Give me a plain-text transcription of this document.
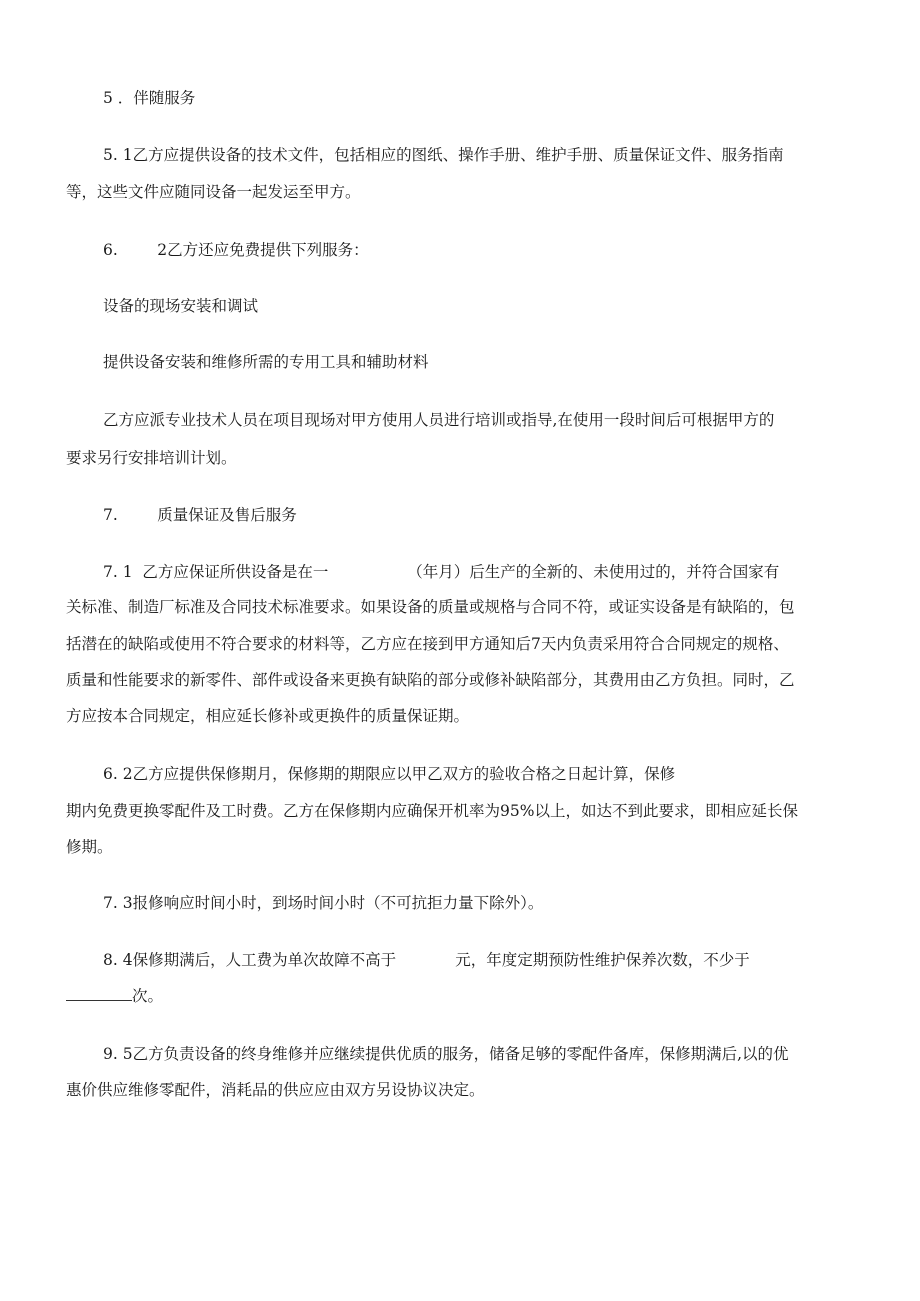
5 ．伴随服务
5. 1乙方应提供设备的技术文件，包括相应的图纸、操作手册、维护手册、质量保证文件、服务指南
等，这些文件应随同设备一起发运至甲方。
6.        2乙方还应免费提供下列服务：
设备的现场安装和调试
提供设备安装和维修所需的专用工具和辅助材料
乙方应派专业技术人员在项目现场对甲方使用人员进行培训或指导,在使用一段时间后可根据甲方的
要求另行安排培训计划。
7.        质量保证及售后服务
7. 1  乙方应保证所供设备是在一                （年月）后生产的全新的、未使用过的，并符合国家有
关标准、制造厂标准及合同技术标准要求。如果设备的质量或规格与合同不符，或证实设备是有缺陷的，包
括潜在的缺陷或使用不符合要求的材料等，乙方应在接到甲方通知后7天内负责采用符合合同规定的规格、
质量和性能要求的新零件、部件或设备来更换有缺陷的部分或修补缺陷部分，其费用由乙方负担。同时，乙
方应按本合同规定，相应延长修补或更换件的质量保证期。
6. 2乙方应提供保修期月，保修期的期限应以甲乙双方的验收合格之日起计算，保修
期内免费更换零配件及工时费。乙方在保修期内应确保开机率为95%以上，如达不到此要求，即相应延长保
修期。
7. 3报修响应时间小时，到场时间小时（不可抗拒力量下除外）。
8. 4保修期满后，人工费为单次故障不高于            元，年度定期预防性维护保养次数，不少于
次。
9. 5乙方负责设备的终身维修并应继续提供优质的服务，储备足够的零配件备库，保修期满后,以的优
惠价供应维修零配件，消耗品的供应应由双方另设协议决定。
